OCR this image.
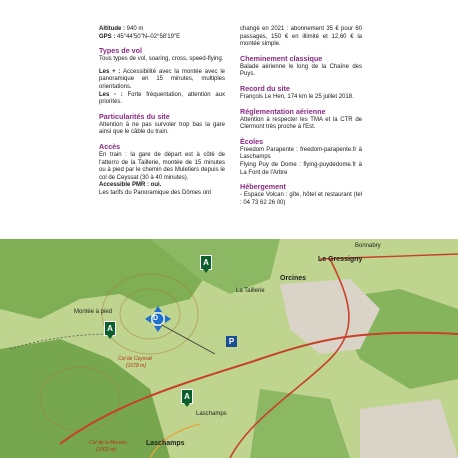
Altitude : 940 m

GPS : 45°44'50"N–02°58'19"E

Types de vol

Tous types de vol, soaring, cross, speed-flying.

Les + : Accessibilité avec la montée avec le panoramique en 15 minutes, multiples orientations.

Les - : Forte fréquentation, attention aux priorités.

Particularités du site

Attention à ne pas survoler trop bas la gare ainsi que le câble du train.

Accès

En train : la gare de départ est à côté de l'atterro de la Taillerie, montée de 15 minutes ou à pied par le chemin des Muletiers depuis le col de Ceyssat (30 à 40 minutes).

Accessible PMR : oui.

Les tarifs du Panoramique des Dômes ont

changé en 2021 : abonnement 35 € pour 60 passages, 150 € en illimité et 12,60 € la montée simple.

Cheminement classique

Balade aérienne le long de la Chaîne des Puys.

Record du site

François Le Hen, 174 km le 25 juillet 2018.

Réglementation aérienne

Attention à respecter les TMA et la CTR de Clermont très proche à l'Est.

Écoles

Freedom Parapente : freedom-parapente.fr à Laschamps

Flying Puy de Dome : flying-puydedome.fr à La Font de l'Arbre

Hébergement

- Espace Volcan : gîte, hôtel et restaurant (tel : 04 73 62 26 00)

D
A
A
A
P
Bonnabry
Le Gressigny
Orcines
La Taillerie
Montée à pied
Col de Ceyssat
(1078 m)
Laschamps
Laschamps
Col de la Moreno
(1002 m)
